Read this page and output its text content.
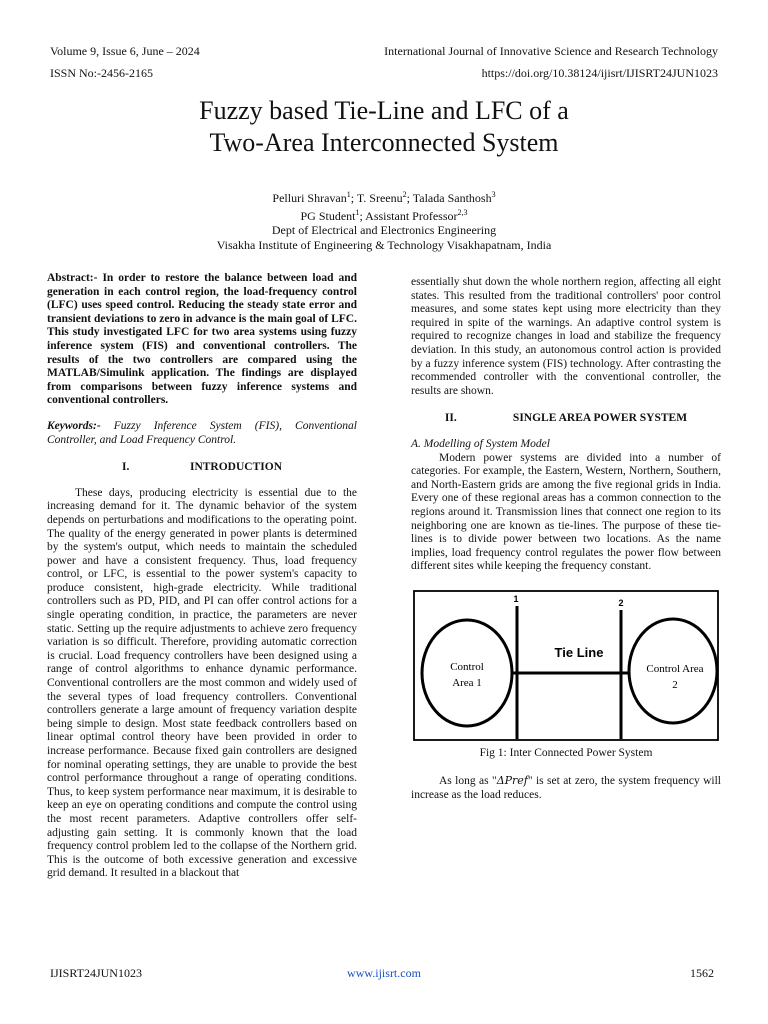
Volume 9, Issue 6, June – 2024	International Journal of Innovative Science and Research Technology
ISSN No:-2456-2165	https://doi.org/10.38124/ijisrt/IJISRT24JUN1023
Fuzzy based Tie-Line and LFC of a
Two-Area Interconnected System
Pelluri Shravan$^1$; T. Sreenu$^2$; Talada Santhosh$^3$
PG Student$^1$; Assistant Professor$^{2,3}$
Dept of Electrical and Electronics Engineering
Visakha Institute of Engineering & Technology Visakhapatnam, India

Abstract:- In order to restore the balance between load and generation in each control region, the load-frequency control (LFC) uses speed control. Reducing the steady state error and transient deviations to zero in advance is the main goal of LFC. This study investigated LFC for two area systems using fuzzy inference system (FIS) and conventional controllers. The results of the two controllers are compared using the MATLAB/Simulink application. The findings are displayed from comparisons between fuzzy inference systems and conventional controllers.

Keywords:- Fuzzy Inference System (FIS), Conventional Controller, and Load Frequency Control.

I.	INTRODUCTION

These days, producing electricity is essential due to the increasing demand for it. The dynamic behavior of the system depends on perturbations and modifications to the operating point. The quality of the energy generated in power plants is determined by the system's output, which needs to maintain the scheduled power and have a consistent frequency. Thus, load frequency control, or LFC, is essential to the power system's capacity to produce consistent, high-grade electricity. While traditional controllers such as PD, PID, and PI can offer control actions for a single operating condition, in practice, the parameters are never static. Setting up the require adjustments to achieve zero frequency variation is so difficult. Therefore, providing automatic correction is crucial. Load frequency controllers have been designed using a range of control algorithms to enhance dynamic performance. Conventional controllers are the most common and widely used of the several types of load frequency controllers. Conventional controllers generate a large amount of frequency variation despite being simple to design. Most state feedback controllers based on linear optimal control theory have been provided in order to increase performance. Because fixed gain controllers are designed for nominal operating settings, they are unable to provide the best control performance throughout a range of operating conditions. Thus, to keep system performance near maximum, it is desirable to keep an eye on operating conditions and compute the control using the most recent parameters. Adaptive controllers offer self-adjusting gain setting. It is commonly known that the load frequency control problem led to the collapse of the Northern grid. This is the outcome of both excessive generation and excessive grid demand. It resulted in a blackout that

essentially shut down the whole northern region, affecting all eight states. This resulted from the traditional controllers' poor control measures, and some states kept using more electricity than they required in spite of the warnings. An adaptive control system is required to recognize changes in load and stabilize the frequency deviation. In this study, an autonomous control action is provided by a fuzzy inference system (FIS) technology. After contrasting the recommended controller with the conventional controller, the results are shown.

II.	SINGLE AREA POWER SYSTEM
A. Modelling of System Model

Modern power systems are divided into a number of categories. For example, the Eastern, Western, Northern, Southern, and North-Eastern grids are among the five regional grids in India. Every one of these regional areas has a common connection to the regions around it. Transmission lines that connect one region to its neighboring one are known as tie-lines. The purpose of these tie-lines is to divide power between two locations. As the name implies, load frequency control regulates the power flow between different sites while keeping the frequency constant.

1	2
Tie Line
Control
Area 1
Control Area
2
Fig 1: Inter Connected Power System

As long as "ΔPref" is set at zero, the system frequency will increase as the load reduces.

IJISRT24JUN1023	www.ijisrt.com	1562
